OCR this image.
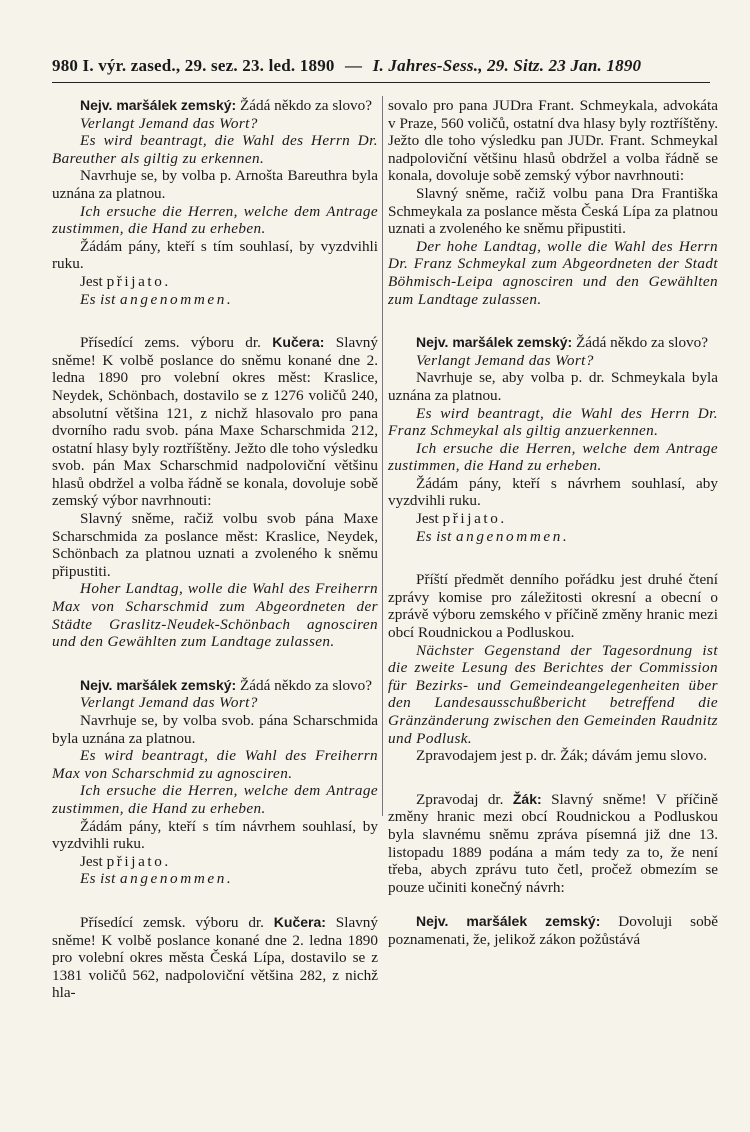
980 I. výr. zased., 29. sez. 23. led. 1890 — I. Jahres-Sess., 29. Sitz. 23 Jan. 1890

Nejv. maršálek zemský: Žádá někdo za slovo?

Verlangt Jemand das Wort?

Es wird beantragt, die Wahl des Herrn Dr. Bareuther als giltig zu erkennen.

Navrhuje se, by volba p. Arnošta Bareuthra byla uznána za platnou.

Ich ersuche die Herren, welche dem Antrage zustimmen, die Hand zu erheben.

Žádám pány, kteří s tím souhlasí, by vyzdvihli ruku.

Jest přijato.

Es ist angenommen.

Přísedící zems. výboru dr. Kučera: Slavný sněme! K volbě poslance do sněmu konané dne 2. ledna 1890 pro volební okres měst: Kraslice, Neydek, Schönbach, dostavilo se z 1276 voličů 240, absolutní většina 121, z nichž hlasovalo pro pana dvorního radu svob. pána Maxe Scharschmida 212, ostatní hlasy byly roztříštěny. Ježto dle toho výsledku svob. pán Max Scharschmid nadpoloviční většinu hlasů obdržel a volba řádně se konala, dovoluje sobě zemský výbor navrhnouti:

Slavný sněme, račiž volbu svob pána Maxe Scharschmida za poslance měst: Kraslice, Neydek, Schönbach za platnou uznati a zvoleného k sněmu připustiti.

Hoher Landtag, wolle die Wahl des Freiherrn Max von Scharschmid zum Abgeordneten der Städte Graslitz-Neudek-Schönbach agnosciren und den Gewählten zum Landtage zulassen.

Nejv. maršálek zemský: Žádá někdo za slovo?

Verlangt Jemand das Wort?

Navrhuje se, by volba svob. pána Scharschmida byla uznána za platnou.

Es wird beantragt, die Wahl des Freiherrn Max von Scharschmid zu agnosciren.

Ich ersuche die Herren, welche dem Antrage zustimmen, die Hand zu erheben.

Žádám pány, kteří s tím návrhem souhlasí, by vyzdvihli ruku.

Jest přijato.

Es ist angenommen.

Přísedící zemsk. výboru dr. Kučera: Slavný sněme! K volbě poslance konané dne 2. ledna 1890 pro volební okres města Česká Lípa, dostavilo se z 1381 voličů 562, nadpoloviční většina 282, z nichž hla-

sovalo pro pana JUDra Frant. Schmeykala, advokáta v Praze, 560 voličů, ostatní dva hlasy byly roztříštěny. Ježto dle toho výsledku pan JUDr. Frant. Schmeykal nadpoloviční většinu hlasů obdržel a volba řádně se konala, dovoluje sobě zemský výbor navrhnouti:

Slavný sněme, račiž volbu pana Dra Františka Schmeykala za poslance města Česká Lípa za platnou uznati a zvoleného ke sněmu připustiti.

Der hohe Landtag, wolle die Wahl des Herrn Dr. Franz Schmeykal zum Abgeordneten der Stadt Böhmisch-Leipa agnosciren und den Gewählten zum Landtage zulassen.

Nejv. maršálek zemský: Žádá někdo za slovo?

Verlangt Jemand das Wort?

Navrhuje se, aby volba p. dr. Schmeykala byla uznána za platnou.

Es wird beantragt, die Wahl des Herrn Dr. Franz Schmeykal als giltig anzuerkennen.

Ich ersuche die Herren, welche dem Antrage zustimmen, die Hand zu erheben.

Žádám pány, kteří s návrhem souhlasí, aby vyzdvihli ruku.

Jest přijato.

Es ist angenommen.

Příští předmět denního pořádku jest druhé čtení zprávy komise pro záležitosti okresní a obecní o zprávě výboru zemského v příčině změny hranic mezi obcí Roudnickou a Podluskou.

Nächster Gegenstand der Tagesordnung ist die zweite Lesung des Berichtes der Commission für Bezirks- und Gemeindeangelegenheiten über den Landesausschußbericht betreffend die Gränzänderung zwischen den Gemeinden Raudnitz und Podlusk.

Zpravodajem jest p. dr. Žák; dávám jemu slovo.

Zpravodaj dr. Žák: Slavný sněme! V příčině změny hranic mezi obcí Roudnickou a Podluskou byla slavnému sněmu zpráva písemná již dne 13. listopadu 1889 podána a mám tedy za to, že není třeba, abych zprávu tuto četl, pročež obmezím se pouze učiniti konečný návrh:

Nejv. maršálek zemský: Dovoluji sobě poznamenati, že, jelikož zákon požůstává
